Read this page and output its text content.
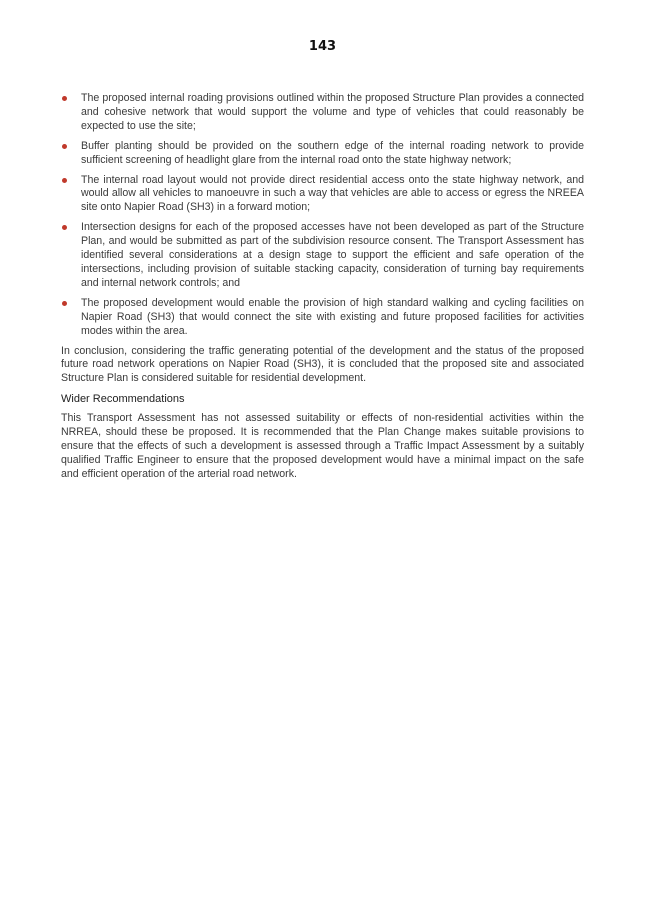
143
The proposed internal roading provisions outlined within the proposed Structure Plan provides a connected and cohesive network that would support the volume and type of vehicles that could reasonably be expected to use the site;
Buffer planting should be provided on the southern edge of the internal roading network to provide sufficient screening of headlight glare from the internal road onto the state highway network;
The internal road layout would not provide direct residential access onto the state highway network, and would allow all vehicles to manoeuvre in such a way that vehicles are able to access or egress the NREEA site onto Napier Road (SH3) in a forward motion;
Intersection designs for each of the proposed accesses have not been developed as part of the Structure Plan, and would be submitted as part of the subdivision resource consent. The Transport Assessment has identified several considerations at a design stage to support the efficient and safe operation of the intersections, including provision of suitable stacking capacity, consideration of turning bay requirements and internal network controls; and
The proposed development would enable the provision of high standard walking and cycling facilities on Napier Road (SH3) that would connect the site with existing and future proposed facilities for activities modes within the area.

In conclusion, considering the traffic generating potential of the development and the status of the proposed future road network operations on Napier Road (SH3), it is concluded that the proposed site and associated Structure Plan is considered suitable for residential development.

Wider Recommendations

This Transport Assessment has not assessed suitability or effects of non-residential activities within the NRREA, should these be proposed. It is recommended that the Plan Change makes suitable provisions to ensure that the effects of such a development is assessed through a Traffic Impact Assessment by a suitably qualified Traffic Engineer to ensure that the proposed development would have a minimal impact on the safe and efficient operation of the arterial road network.
